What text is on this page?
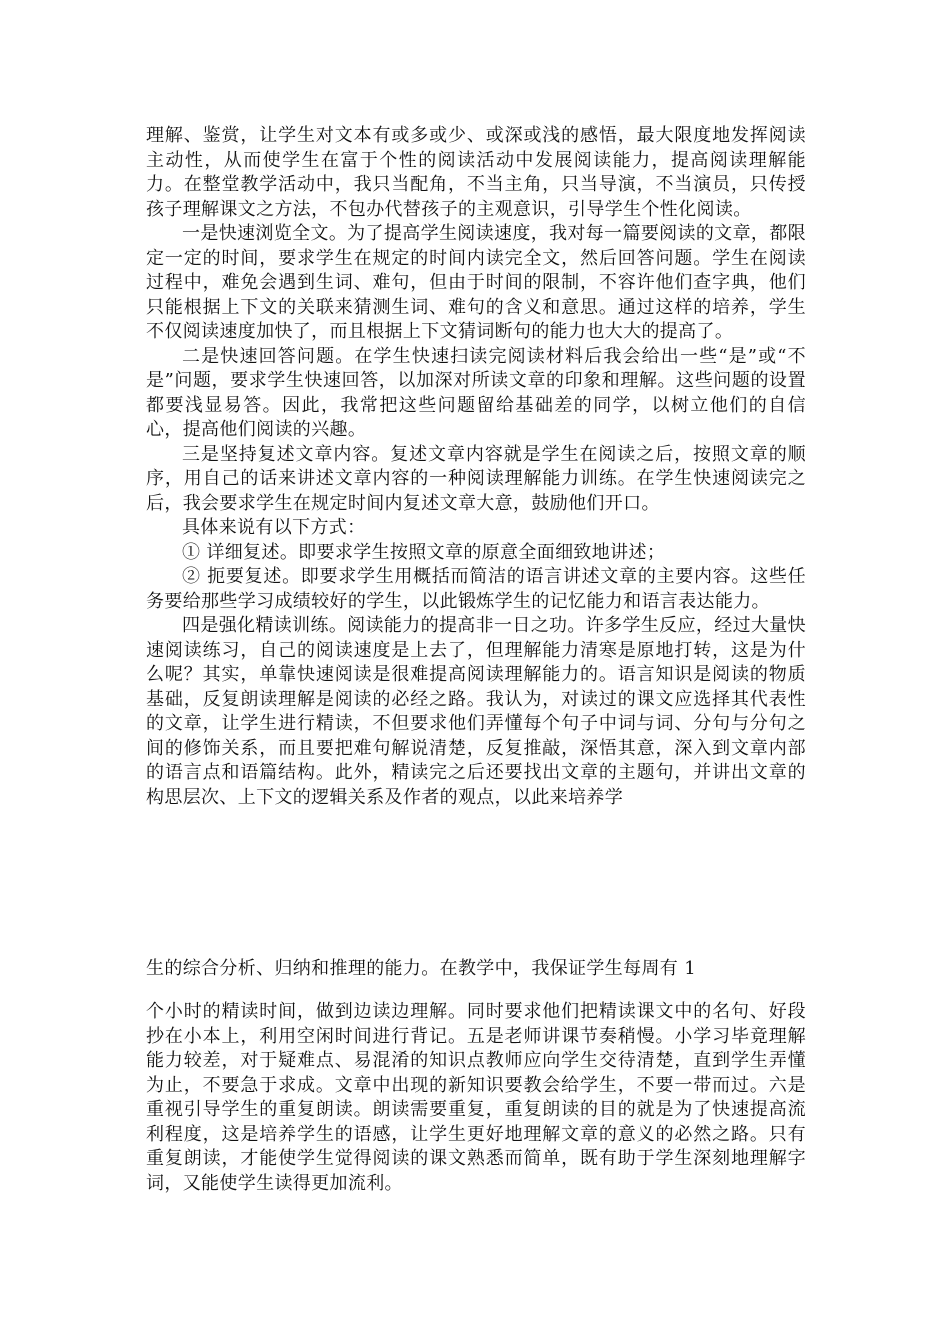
理解、鉴赏，让学生对文本有或多或少、或深或浅的感悟，最大限度地发挥阅读主动性，从而使学生在富于个性的阅读活动中发展阅读能力，提高阅读理解能力。在整堂教学活动中，我只当配角，不当主角，只当导演，不当演员，只传授孩子理解课文之方法，不包办代替孩子的主观意识，引导学生个性化阅读。

一是快速浏览全文。为了提高学生阅读速度，我对每一篇要阅读的文章，都限定一定的时间，要求学生在规定的时间内读完全文，然后回答问题。学生在阅读过程中，难免会遇到生词、难句，但由于时间的限制，不容许他们查字典，他们只能根据上下文的关联来猜测生词、难句的含义和意思。通过这样的培养，学生不仅阅读速度加快了，而且根据上下文猜词断句的能力也大大的提高了。

二是快速回答问题。在学生快速扫读完阅读材料后我会给出一些“是”或“不是”问题，要求学生快速回答，以加深对所读文章的印象和理解。这些问题的设置都要浅显易答。因此，我常把这些问题留给基础差的同学，以树立他们的自信心，提高他们阅读的兴趣。

三是坚持复述文章内容。复述文章内容就是学生在阅读之后，按照文章的顺序，用自己的话来讲述文章内容的一种阅读理解能力训练。在学生快速阅读完之后，我会要求学生在规定时间内复述文章大意，鼓励他们开口。

具体来说有以下方式：

① 详细复述。即要求学生按照文章的原意全面细致地讲述；

② 扼要复述。即要求学生用概括而简洁的语言讲述文章的主要内容。这些任务要给那些学习成绩较好的学生，以此锻炼学生的记忆能力和语言表达能力。

四是强化精读训练。阅读能力的提高非一日之功。许多学生反应，经过大量快速阅读练习，自己的阅读速度是上去了，但理解能力清寒是原地打转，这是为什么呢？其实，单靠快速阅读是很难提高阅读理解能力的。语言知识是阅读的物质基础，反复朗读理解是阅读的必经之路。我认为，对读过的课文应选择其代表性的文章，让学生进行精读，不但要求他们弄懂每个句子中词与词、分句与分句之间的修饰关系，而且要把难句解说清楚，反复推敲，深悟其意，深入到文章内部的语言点和语篇结构。此外，精读完之后还要找出文章的主题句，并讲出文章的构思层次、上下文的逻辑关系及作者的观点，以此来培养学

生的综合分析、归纳和推理的能力。在教学中，我保证学生每周有 1

个小时的精读时间，做到边读边理解。同时要求他们把精读课文中的名句、好段抄在小本上，利用空闲时间进行背记。五是老师讲课节奏稍慢。小学习毕竟理解能力较差，对于疑难点、易混淆的知识点教师应向学生交待清楚，直到学生弄懂为止，不要急于求成。文章中出现的新知识要教会给学生，不要一带而过。六是重视引导学生的重复朗读。朗读需要重复，重复朗读的目的就是为了快速提高流利程度，这是培养学生的语感，让学生更好地理解文章的意义的必然之路。只有重复朗读，才能使学生觉得阅读的课文熟悉而简单，既有助于学生深刻地理解字词，又能使学生读得更加流利。
